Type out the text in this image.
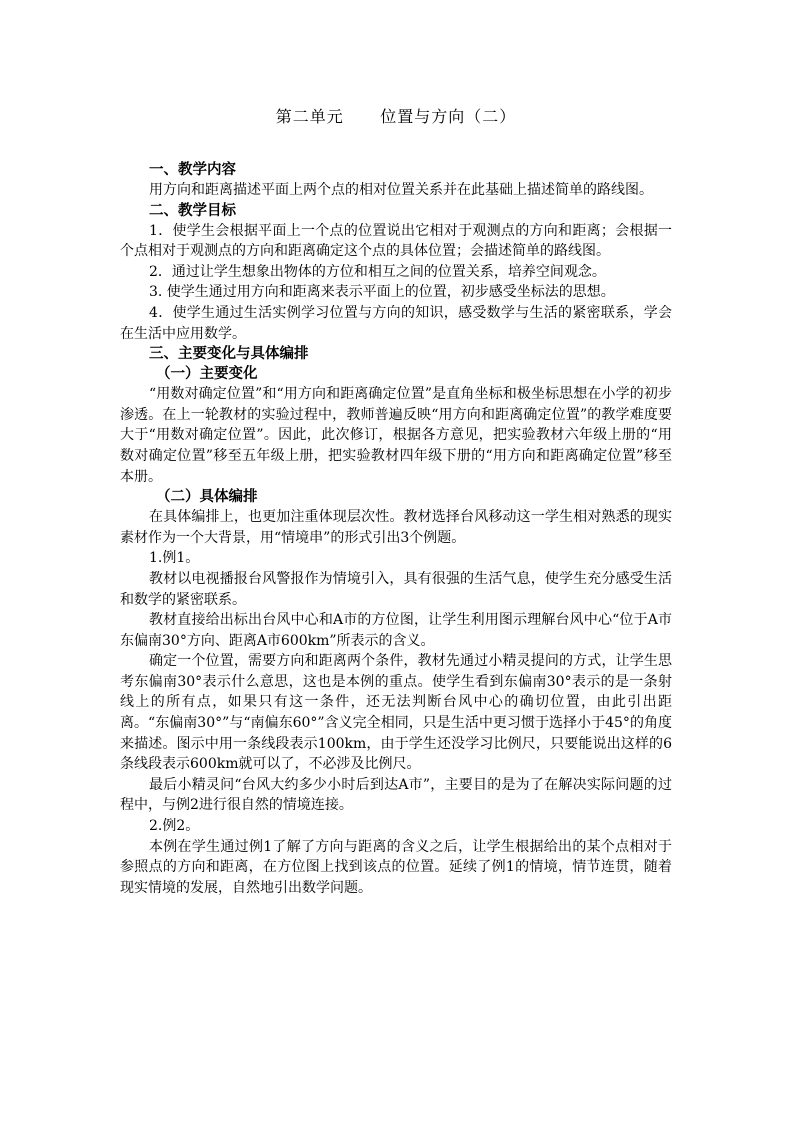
第二单元      位置与方向（二）
一、教学内容
用方向和距离描述平面上两个点的相对位置关系并在此基础上描述简单的路线图。
二、教学目标
1．使学生会根据平面上一个点的位置说出它相对于观测点的方向和距离；会根据一个点相对于观测点的方向和距离确定这个点的具体位置；会描述简单的路线图。
2．通过让学生想象出物体的方位和相互之间的位置关系，培养空间观念。
3. 使学生通过用方向和距离来表示平面上的位置，初步感受坐标法的思想。
4．使学生通过生活实例学习位置与方向的知识，感受数学与生活的紧密联系，学会在生活中应用数学。
三、主要变化与具体编排
（一）主要变化
“用数对确定位置”和“用方向和距离确定位置”是直角坐标和极坐标思想在小学的初步渗透。在上一轮教材的实验过程中，教师普遍反映“用方向和距离确定位置”的教学难度要大于“用数对确定位置”。因此，此次修订，根据各方意见，把实验教材六年级上册的“用数对确定位置”移至五年级上册，把实验教材四年级下册的“用方向和距离确定位置”移至本册。
（二）具体编排
在具体编排上，也更加注重体现层次性。教材选择台风移动这一学生相对熟悉的现实素材作为一个大背景，用“情境串”的形式引出3个例题。
1.例1。
教材以电视播报台风警报作为情境引入，具有很强的生活气息，使学生充分感受生活和数学的紧密联系。
教材直接给出标出台风中心和A市的方位图，让学生利用图示理解台风中心“位于A市东偏南30°方向、距离A市600km”所表示的含义。
确定一个位置，需要方向和距离两个条件，教材先通过小精灵提问的方式，让学生思考东偏南30°表示什么意思，这也是本例的重点。使学生看到东偏南30°表示的是一条射线上的所有点，如果只有这一条件，还无法判断台风中心的确切位置，由此引出距离。“东偏南30°”与“南偏东60°”含义完全相同，只是生活中更习惯于选择小于45°的角度来描述。图示中用一条线段表示100km，由于学生还没学习比例尺，只要能说出这样的6条线段表示600km就可以了，不必涉及比例尺。
最后小精灵问“台风大约多少小时后到达A市”，主要目的是为了在解决实际问题的过程中，与例2进行很自然的情境连接。
2.例2。
本例在学生通过例1了解了方向与距离的含义之后，让学生根据给出的某个点相对于参照点的方向和距离，在方位图上找到该点的位置。延续了例1的情境，情节连贯，随着现实情境的发展，自然地引出数学问题。
